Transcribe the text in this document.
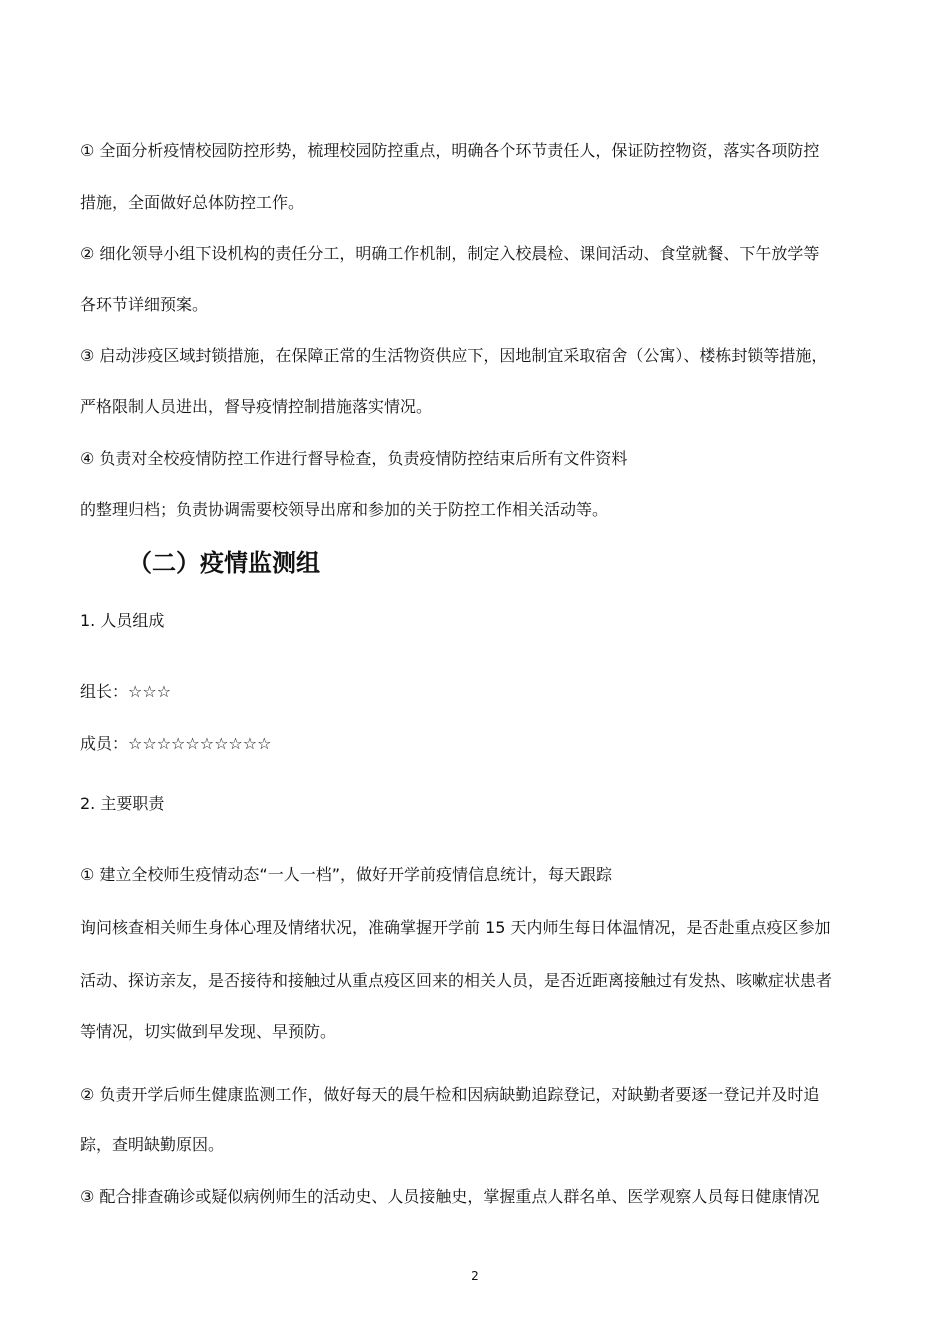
① 全面分析疫情校园防控形势，梳理校园防控重点，明确各个环节责任人，保证防控物资，落实各项防控
措施，全面做好总体防控工作。
② 细化领导小组下设机构的责任分工，明确工作机制，制定入校晨检、课间活动、食堂就餐、下午放学等
各环节详细预案。
③ 启动涉疫区域封锁措施，在保障正常的生活物资供应下，因地制宜采取宿舍（公寓）、楼栋封锁等措施，
严格限制人员进出，督导疫情控制措施落实情况。
④ 负责对全校疫情防控工作进行督导检查，负责疫情防控结束后所有文件资料
的整理归档；负责协调需要校领导出席和参加的关于防控工作相关活动等。
（二）疫情监测组
1. 人员组成
组长：☆☆☆
成员：☆☆☆☆☆☆☆☆☆☆
2. 主要职责
① 建立全校师生疫情动态“一人一档”，做好开学前疫情信息统计，每天跟踪
询问核查相关师生身体心理及情绪状况，准确掌握开学前 15 天内师生每日体温情况，是否赴重点疫区参加
活动、探访亲友，是否接待和接触过从重点疫区回来的相关人员，是否近距离接触过有发热、咳嗽症状患者
等情况，切实做到早发现、早预防。
② 负责开学后师生健康监测工作，做好每天的晨午检和因病缺勤追踪登记，对缺勤者要逐一登记并及时追
踪，查明缺勤原因。
③ 配合排查确诊或疑似病例师生的活动史、人员接触史，掌握重点人群名单、医学观察人员每日健康情况
2
